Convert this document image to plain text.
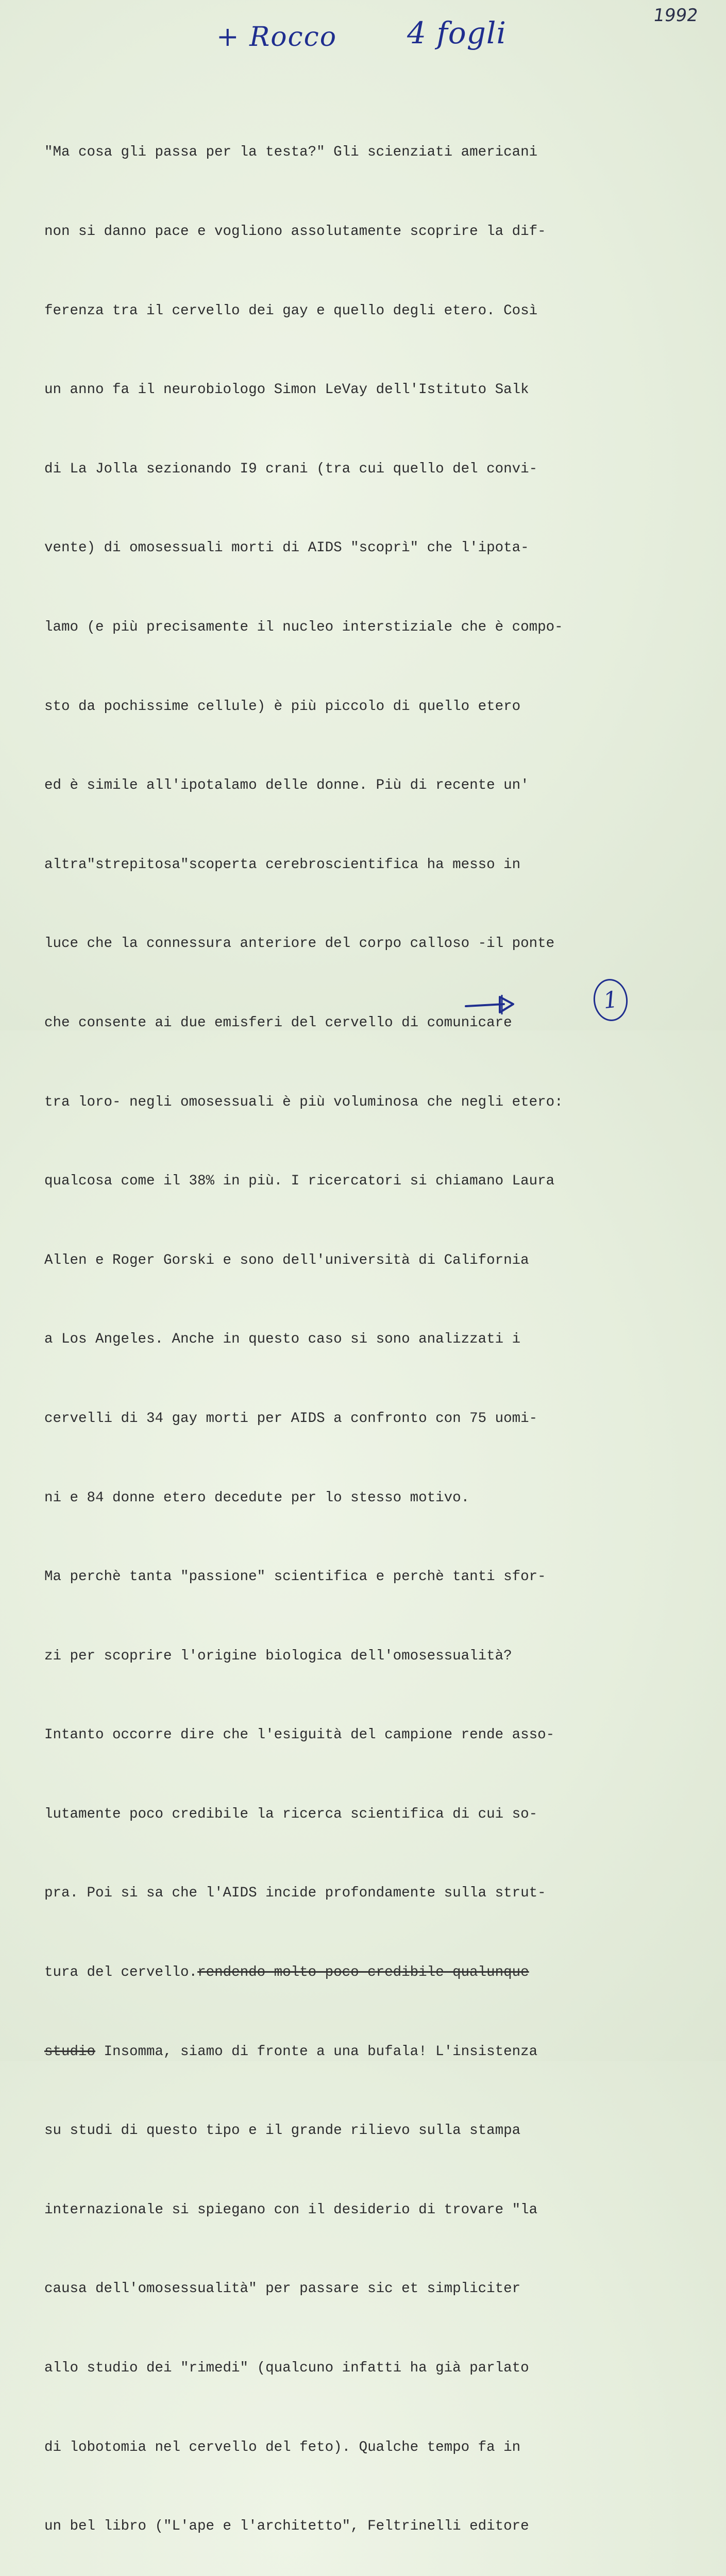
1992
+ Rocco 4 fogli

"Ma cosa gli passa per la testa?" Gli scienziati americani

non si danno pace e vogliono assolutamente scoprire la dif-

ferenza tra il cervello dei gay e quello degli etero. Così

un anno fa il neurobiologo Simon LeVay dell'Istituto Salk

di La Jolla sezionando I9 crani (tra cui quello del convi-

vente) di omosessuali morti di AIDS "scoprì" che l'ipota-

lamo (e più precisamente il nucleo interstiziale che è compo-

sto da pochissime cellule) è più piccolo di quello etero

ed è simile all'ipotalamo delle donne. Più di recente un'

altra"strepitosa"scoperta cerebroscientifica ha messo in

luce che la connessura anteriore del corpo calloso -il ponte

che consente ai due emisferi del cervello di comunicare

tra loro- negli omosessuali è più voluminosa che negli etero:

qualcosa come il 38% in più. I ricercatori si chiamano Laura

Allen e Roger Gorski e sono dell'università di California

a Los Angeles. Anche in questo caso si sono analizzati i

cervelli di 34 gay morti per AIDS a confronto con 75 uomi-

ni e 84 donne etero decedute per lo stesso motivo.

Ma perchè tanta "passione" scientifica e perchè tanti sfor-

zi per scoprire l'origine biologica dell'omosessualità?

Intanto occorre dire che l'esiguità del campione rende asso-

lutamente poco credibile la ricerca scientifica di cui so-

pra. Poi si sa che l'AIDS incide profondamente sulla strut-

tura del cervello.rendendo molto poco credibile qualunque

studio Insomma, siamo di fronte a una bufala! L'insistenza

su studi di questo tipo e il grande rilievo sulla stampa

internazionale si spiegano con il desiderio di trovare "la

causa dell'omosessualità" per passare sic et simpliciter

allo studio dei "rimedi" (qualcuno infatti ha già parlato

di lobotomia nel cervello del feto). Qualche tempo fa in

un bel libro ("L'ape e l'architetto", Feltrinelli editore

1
